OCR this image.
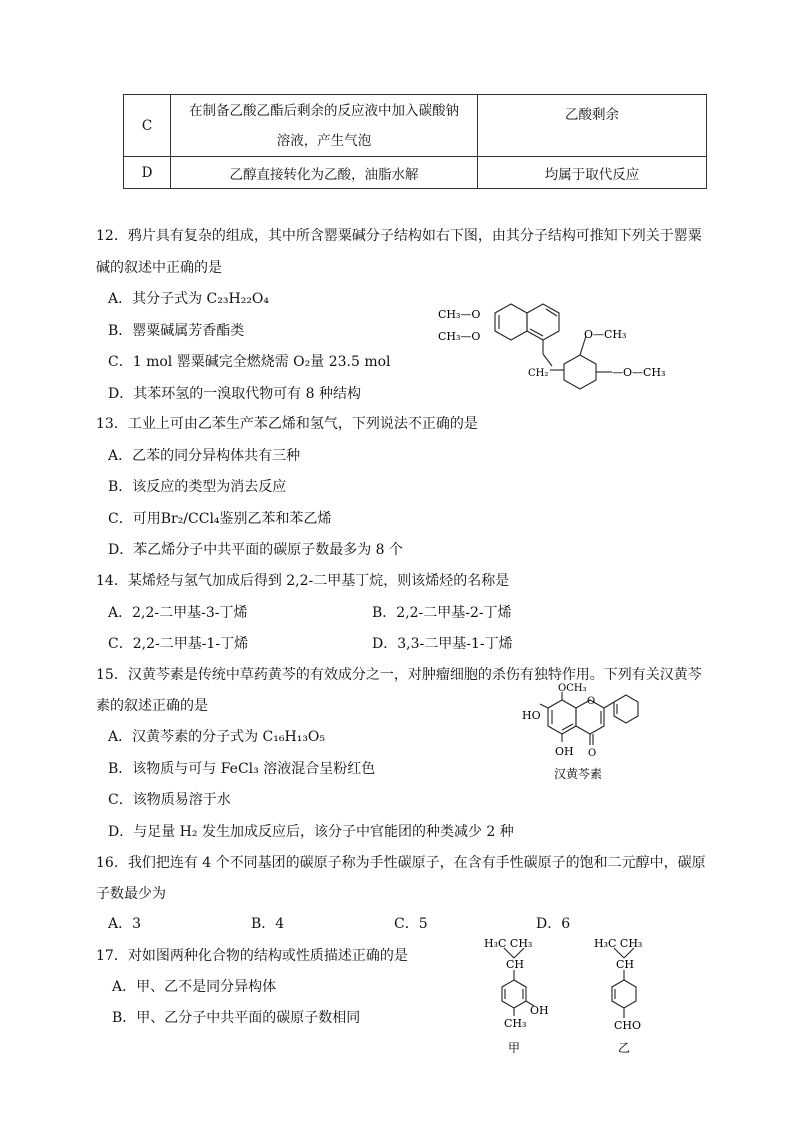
C	在制备乙酸乙酯后剩余的反应液中加入碳酸钠
溶液，产生气泡	乙酸剩余
D	乙醇直接转化为乙酸，油脂水解	均属于取代反应
12．鸦片具有复杂的组成，其中所含罂粟碱分子结构如右下图，由其分子结构可推知下列关于罂粟
碱的叙述中正确的是
A．其分子式为 C₂₃H₂₂O₄
B．罂粟碱属芳香酯类
C．1 mol 罂粟碱完全燃烧需 O₂量 23.5 mol
D．其苯环氢的一溴取代物可有 8 种结构
CH₃—O
CH₃—O
CH₂
O—CH₃
—O—CH₃
13．工业上可由乙苯生产苯乙烯和氢气，下列说法不正确的是
A．乙苯的同分异构体共有三种
B．该反应的类型为消去反应
C．可用Br₂/CCl₄鉴别乙苯和苯乙烯
D．苯乙烯分子中共平面的碳原子数最多为 8 个
14．某烯烃与氢气加成后得到 2,2-二甲基丁烷，则该烯烃的名称是
A．2,2-二甲基-3-丁烯	B．2,2-二甲基-2-丁烯
C．2,2-二甲基-1-丁烯	D．3,3-二甲基-1-丁烯
15．汉黄芩素是传统中草药黄芩的有效成分之一，对肿瘤细胞的杀伤有独特作用。下列有关汉黄芩
素的叙述正确的是
A．汉黄芩素的分子式为 C₁₆H₁₃O₅
B．该物质与可与 FeCl₃ 溶液混合呈粉红色
C．该物质易溶于水
D．与足量 H₂ 发生加成反应后，该分子中官能团的种类减少 2 种
OCH₃
HO
OH
O
O
汉黄芩素
16．我们把连有 4 个不同基团的碳原子称为手性碳原子，在含有手性碳原子的饱和二元醇中，碳原
子数最少为
A．3	B．4	C．5	D．6
17．对如图两种化合物的结构或性质描述正确的是
A．甲、乙不是同分异构体
B．甲、乙分子中共平面的碳原子数相同
H₃C CH₃
CH
OH
CH₃
甲
H₃C CH₃
CH
CHO
乙
